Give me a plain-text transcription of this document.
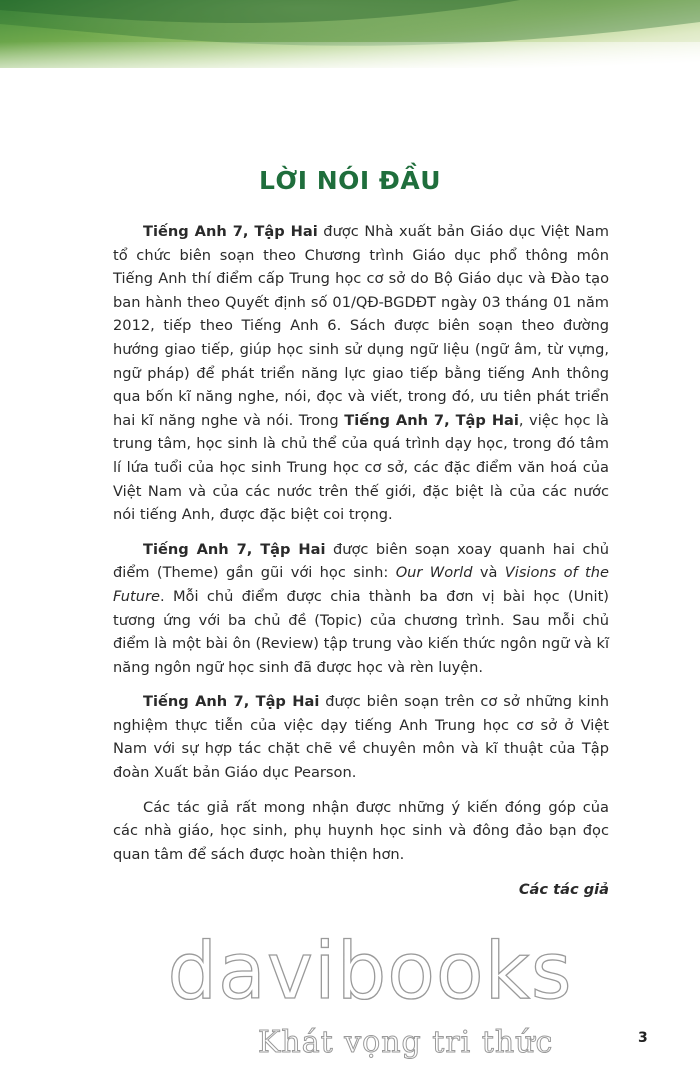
LỜI NÓI ĐẦU

Tiếng Anh 7, Tập Hai được Nhà xuất bản Giáo dục Việt Nam tổ chức biên soạn theo Chương trình Giáo dục phổ thông môn Tiếng Anh thí điểm cấp Trung học cơ sở do Bộ Giáo dục và Đào tạo ban hành theo Quyết định số 01/QĐ-BGDĐT ngày 03 tháng 01 năm 2012, tiếp theo Tiếng Anh 6. Sách được biên soạn theo đường hướng giao tiếp, giúp học sinh sử dụng ngữ liệu (ngữ âm, từ vựng, ngữ pháp) để phát triển năng lực giao tiếp bằng tiếng Anh thông qua bốn kĩ năng nghe, nói, đọc và viết, trong đó, ưu tiên phát triển hai kĩ năng nghe và nói. Trong Tiếng Anh 7, Tập Hai, việc học là trung tâm, học sinh là chủ thể của quá trình dạy học, trong đó tâm lí lứa tuổi của học sinh Trung học cơ sở, các đặc điểm văn hoá của Việt Nam và của các nước trên thế giới, đặc biệt là của các nước nói tiếng Anh, được đặc biệt coi trọng.

Tiếng Anh 7, Tập Hai được biên soạn xoay quanh hai chủ điểm (Theme) gần gũi với học sinh: Our World và Visions of the Future. Mỗi chủ điểm được chia thành ba đơn vị bài học (Unit) tương ứng với ba chủ đề (Topic) của chương trình. Sau mỗi chủ điểm là một bài ôn (Review) tập trung vào kiến thức ngôn ngữ và kĩ năng ngôn ngữ học sinh đã được học và rèn luyện.

Tiếng Anh 7, Tập Hai được biên soạn trên cơ sở những kinh nghiệm thực tiễn của việc dạy tiếng Anh Trung học cơ sở ở Việt Nam với sự hợp tác chặt chẽ về chuyên môn và kĩ thuật của Tập đoàn Xuất bản Giáo dục Pearson.

Các tác giả rất mong nhận được những ý kiến đóng góp của các nhà giáo, học sinh, phụ huynh học sinh và đông đảo bạn đọc quan tâm để sách được hoàn thiện hơn.

Các tác giả

davibooks
Khát vọng tri thức	3
